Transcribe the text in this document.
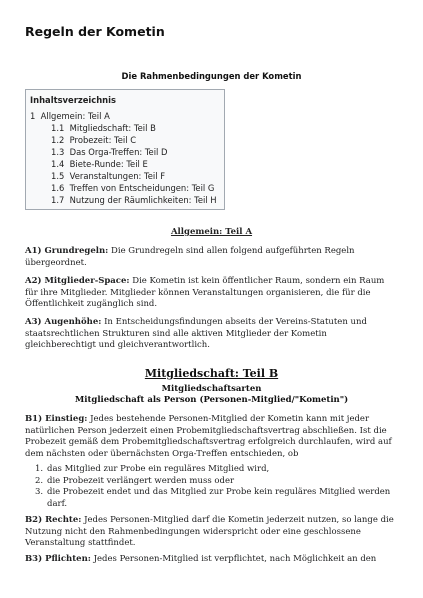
Regeln der Kometin
Die Rahmenbedingungen der Kometin
Inhaltsverzeichnis
1 Allgemein: Teil A
1.1 Mitgliedschaft: Teil B
1.2 Probezeit: Teil C
1.3 Das Orga-Treffen: Teil D
1.4 Biete-Runde: Teil E
1.5 Veranstaltungen: Teil F
1.6 Treffen von Entscheidungen: Teil G
1.7 Nutzung der Räumlichkeiten: Teil H
Allgemein: Teil A
A1) Grundregeln: Die Grundregeln sind allen folgend aufgeführten Regeln übergeordnet.
A2) Mitglieder-Space: Die Kometin ist kein öffentlicher Raum, sondern ein Raum für ihre Mitglieder. Mitglieder können Veranstaltungen organisieren, die für die Öffentlichkeit zugänglich sind.
A3) Augenhöhe: In Entscheidungsfindungen abseits der Vereins-Statuten und staatsrechtlichen Strukturen sind alle aktiven Mitglieder der Kometin gleichberechtigt und gleichverantwortlich.
Mitgliedschaft: Teil B
Mitgliedschaftsarten
Mitgliedschaft als Person (Personen-Mitglied/"Kometin")
B1) Einstieg: Jedes bestehende Personen-Mitglied der Kometin kann mit jeder natürlichen Person jederzeit einen Probemitgliedschaftsvertrag abschließen. Ist die Probezeit gemäß dem Probemitgliedschaftsvertrag erfolgreich durchlaufen, wird auf dem nächsten oder übernächsten Orga-Treffen entschieden, ob
1. das Mitglied zur Probe ein reguläres Mitglied wird,
2. die Probezeit verlängert werden muss oder
3. die Probezeit endet und das Mitglied zur Probe kein reguläres Mitglied werden darf.
B2) Rechte: Jedes Personen-Mitglied darf die Kometin jederzeit nutzen, so lange die Nutzung nicht den Rahmenbedingungen widerspricht oder eine geschlossene Veranstaltung stattfindet.
B3) Pflichten: Jedes Personen-Mitglied ist verpflichtet, nach Möglichkeit an den
